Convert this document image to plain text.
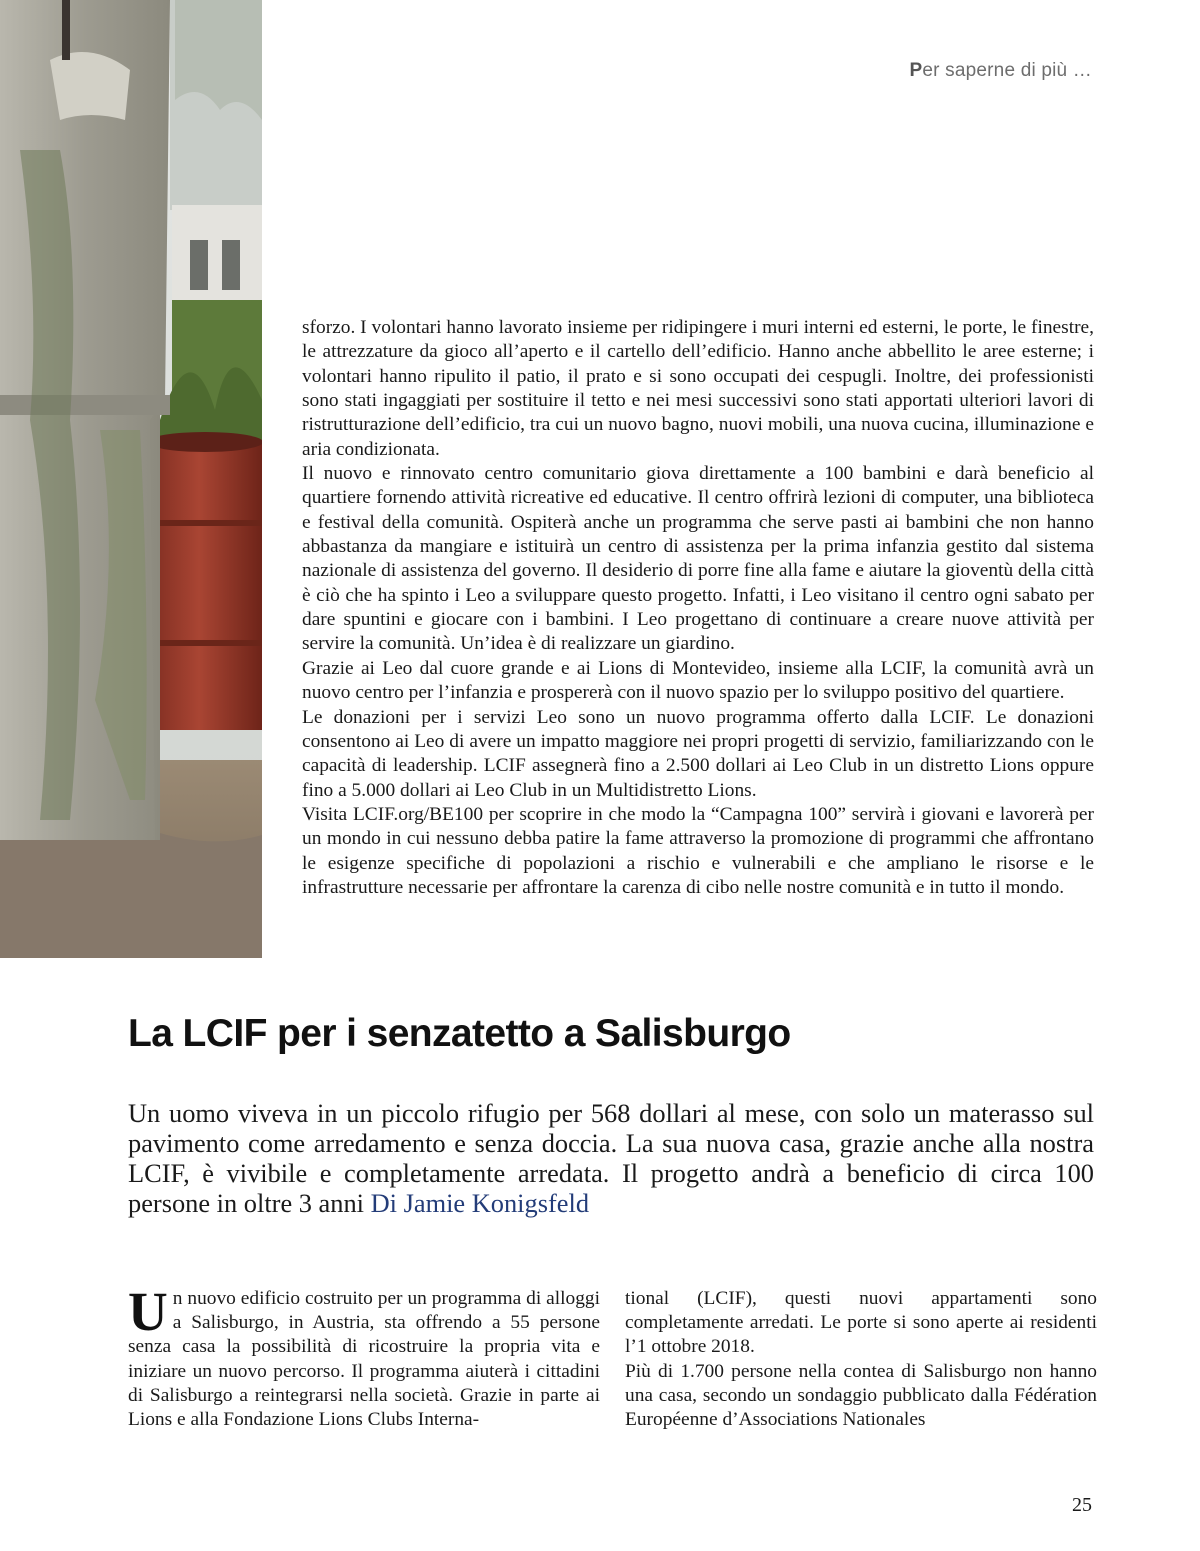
Per saperne di più …

sforzo. I volontari hanno lavorato insieme per ridipingere i muri interni ed esterni, le porte, le finestre, le attrezzature da gioco all’aperto e il cartello dell’edificio. Hanno anche abbellito le aree esterne; i volontari hanno ripulito il patio, il prato e si sono occupati dei cespugli. Inoltre, dei professionisti sono stati ingaggiati per sostituire il tetto e nei mesi successivi sono stati apportati ulteriori lavori di ristrutturazione dell’edificio, tra cui un nuovo bagno, nuovi mobili, una nuova cucina, illuminazione e aria condizionata.

Il nuovo e rinnovato centro comunitario giova direttamente a 100 bambini e darà beneficio al quartiere fornendo attività ricreative ed educative. Il centro offrirà lezioni di computer, una biblioteca e festival della comunità. Ospiterà anche un programma che serve pasti ai bambini che non hanno abbastanza da mangiare e istituirà un centro di assistenza per la prima infanzia gestito dal sistema nazionale di assistenza del governo. Il desiderio di porre fine alla fame e aiutare la gioventù della città è ciò che ha spinto i Leo a sviluppare questo progetto. Infatti, i Leo visitano il centro ogni sabato per dare spuntini e giocare con i bambini. I Leo progettano di continuare a creare nuove attività per servire la comunità. Un’idea è di realizzare un giardino.

Grazie ai Leo dal cuore grande e ai Lions di Montevideo, insieme alla LCIF, la comunità avrà un nuovo centro per l’infanzia e prospererà con il nuovo spazio per lo sviluppo positivo del quartiere.

Le donazioni per i servizi Leo sono un nuovo programma offerto dalla LCIF. Le donazioni consentono ai Leo di avere un impatto maggiore nei propri progetti di servizio, familiarizzando con le capacità di leadership. LCIF assegnerà fino a 2.500 dollari ai Leo Club in un distretto Lions oppure fino a 5.000 dollari ai Leo Club in un Multidistretto Lions.

Visita LCIF.org/BE100 per scoprire in che modo la “Campagna 100” servirà i giovani e lavorerà per un mondo in cui nessuno debba patire la fame attraverso la promozione di programmi che affrontano le esigenze specifiche di popolazioni a rischio e vulnerabili e che ampliano le risorse e le infrastrutture necessarie per affrontare la carenza di cibo nelle nostre comunità e in tutto il mondo.

La LCIF per i senzatetto a Salisburgo

Un uomo viveva in un piccolo rifugio per 568 dollari al mese, con solo un materasso sul pavimento come arredamento e senza doccia. La sua nuova casa, grazie anche alla nostra LCIF, è vivibile e completamente arredata. Il progetto andrà a beneficio di circa 100 persone in oltre 3 anni Di Jamie Konigsfeld

Un nuovo edificio costruito per un programma di alloggi a Salisburgo, in Austria, sta offrendo a 55 persone senza casa la possibilità di ricostruire la propria vita e iniziare un nuovo percorso. Il programma aiuterà i cittadini di Salisburgo a reintegrarsi nella società. Grazie in parte ai Lions e alla Fondazione Lions Clubs Interna-

tional (LCIF), questi nuovi appartamenti sono completamente arredati. Le porte si sono aperte ai residenti l’1 ottobre 2018.

Più di 1.700 persone nella contea di Salisburgo non hanno una casa, secondo un sondaggio pubblicato dalla Fédération Européenne d’Associations Nationales

25
